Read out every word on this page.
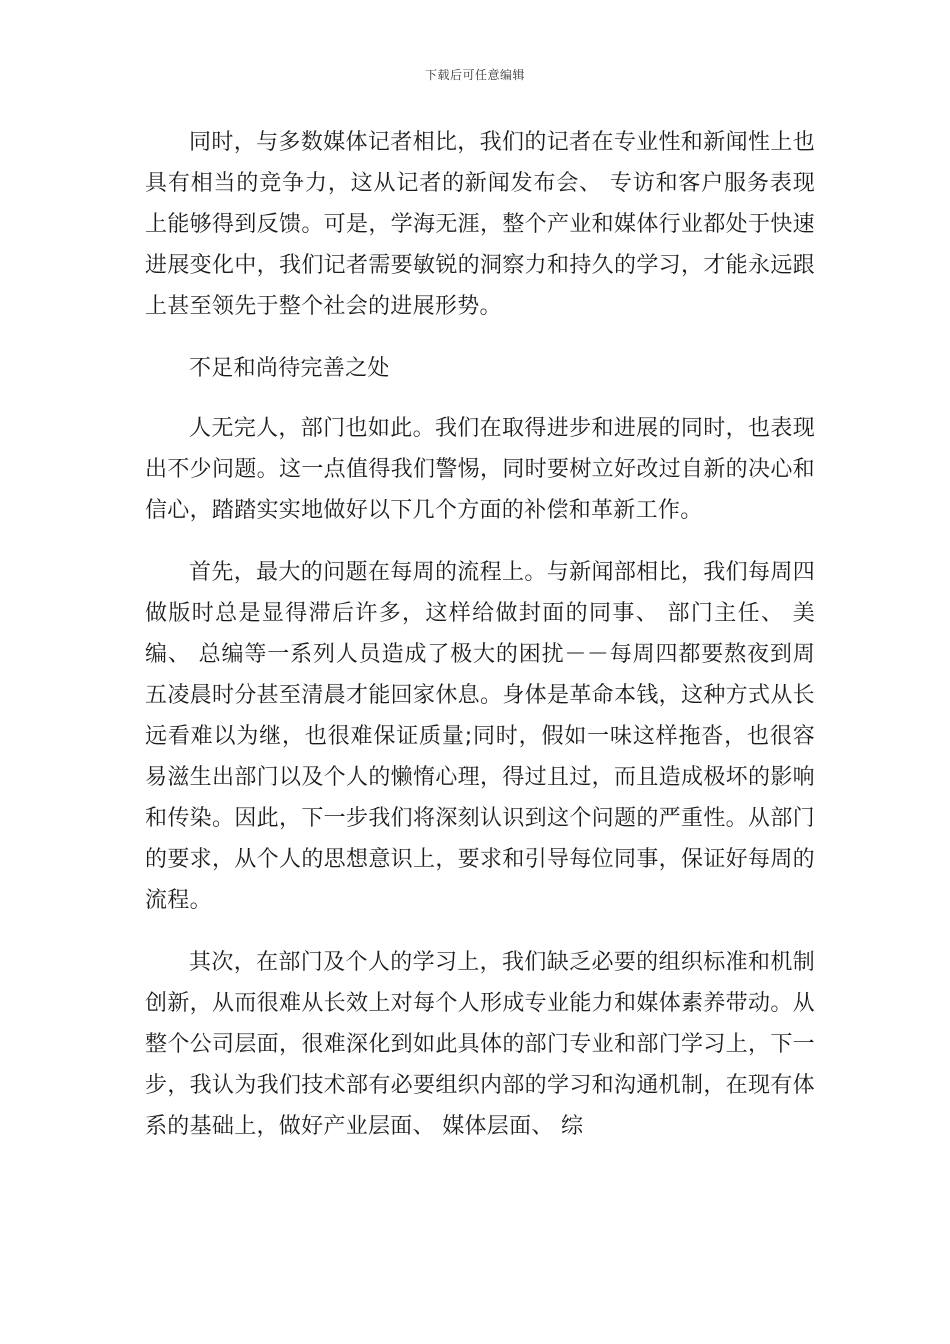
下载后可任意编辑

同时，与多数媒体记者相比，我们的记者在专业性和新闻性上也具有相当的竞争力，这从记者的新闻发布会、 专访和客户服务表现上能够得到反馈。可是，学海无涯，整个产业和媒体行业都处于快速进展变化中，我们记者需要敏锐的洞察力和持久的学习，才能永远跟上甚至领先于整个社会的进展形势。

不足和尚待完善之处

人无完人，部门也如此。我们在取得进步和进展的同时，也表现出不少问题。这一点值得我们警惕，同时要树立好改过自新的决心和信心，踏踏实实地做好以下几个方面的补偿和革新工作。

首先，最大的问题在每周的流程上。与新闻部相比，我们每周四做版时总是显得滞后许多，这样给做封面的同事、 部门主任、 美编、 总编等一系列人员造成了极大的困扰－－每周四都要熬夜到周五凌晨时分甚至清晨才能回家休息。身体是革命本钱，这种方式从长远看难以为继，也很难保证质量;同时，假如一味这样拖沓，也很容易滋生出部门以及个人的懒惰心理，得过且过，而且造成极坏的影响和传染。因此，下一步我们将深刻认识到这个问题的严重性。从部门的要求，从个人的思想意识上，要求和引导每位同事，保证好每周的流程。

其次，在部门及个人的学习上，我们缺乏必要的组织标准和机制创新，从而很难从长效上对每个人形成专业能力和媒体素养带动。从整个公司层面，很难深化到如此具体的部门专业和部门学习上，下一步，我认为我们技术部有必要组织内部的学习和沟通机制，在现有体系的基础上，做好产业层面、 媒体层面、 综
